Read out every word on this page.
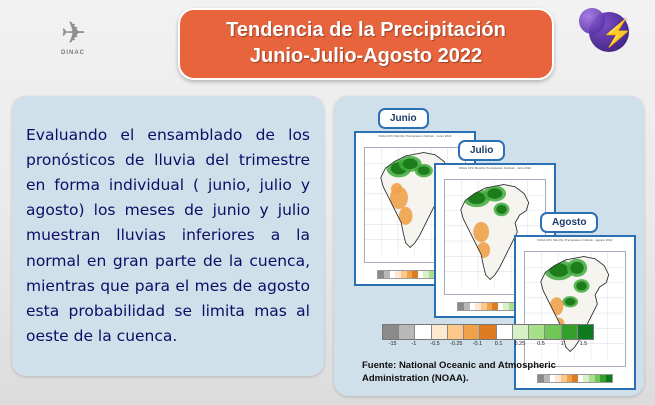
✈
DINAC
⚡
Tendencia de la Precipitación
Junio-Julio-Agosto 2022

Evaluando el ensamblado de los pronósticos de lluvia del trimestre en forma individual ( junio, julio y agosto) los meses de junio y julio muestran lluvias inferiores a la normal en gran parte de la cuenca, mientras que para el mes de agosto esta probabilidad se limita mas al oeste de la cuenca.

Junio
NOAA CPC Monthly Precipitation Outlook - Junio 2022
Julio
NOAA CPC Monthly Precipitation Outlook - Julio 2022
Agosto
NOAA CPC Monthly Precipitation Outlook - Agosto 2022
-15	-1	-0.5	-0.25	-0.1	0.1	0.25	0.5	1	1.5
Fuente: National Oceanic and Atmospheric Administration (NOAA).
